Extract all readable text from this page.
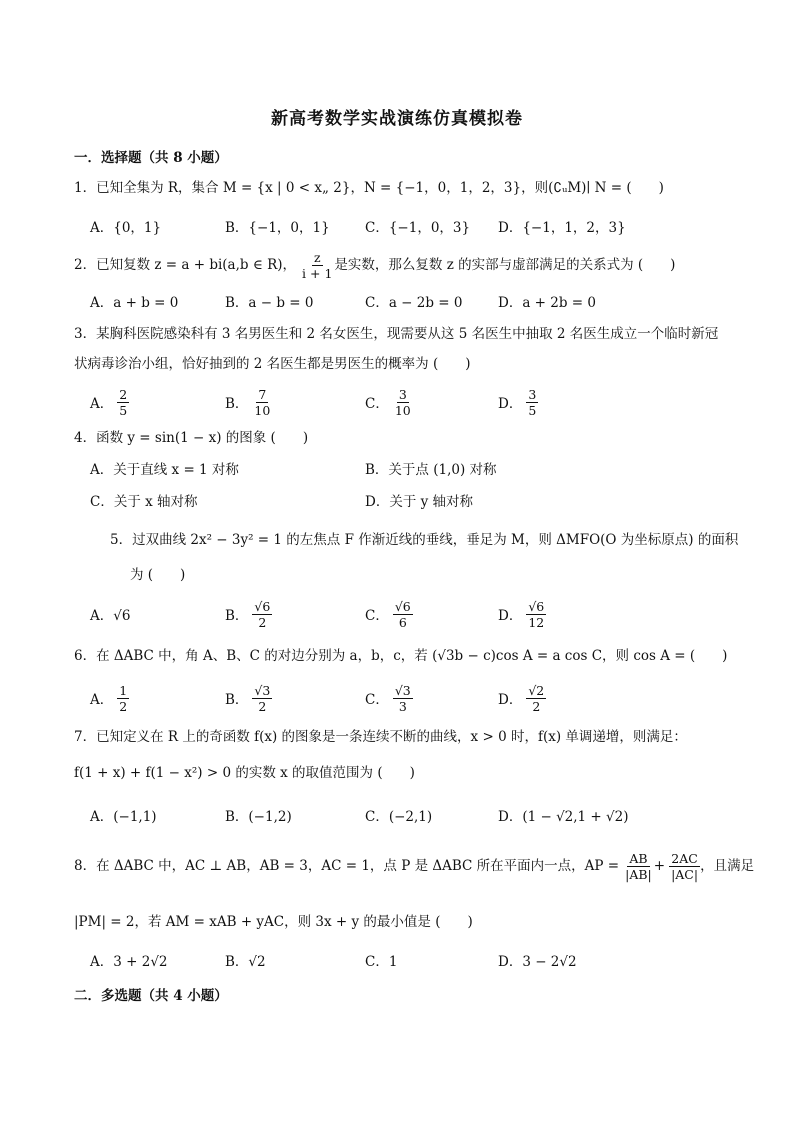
新高考数学实战演练仿真模拟卷
一．选择题（共 8 小题）
1．已知全集为 R，集合 M = {x | 0 < x„ 2}，N = {−1，0，1，2，3}，则(∁ᵤM)∣ N = (　　)
A．{0，1}	B．{−1，0，1}	C．{−1，0，3} D．{−1，1，2，3}
2．已知复数 z = a + bi(a,b ∈ R)， $\frac{z}{i + 1}$ 是实数，那么复数 z 的实部与虚部满足的关系式为 (　　)
A．a + b = 0	B．a − b = 0	C．a − 2b = 0	D．a + 2b = 0
3．某胸科医院感染科有 3 名男医生和 2 名女医生，现需要从这 5 名医生中抽取 2 名医生成立一个临时新冠
状病毒诊治小组，恰好抽到的 2 名医生都是男医生的概率为 (　　)
A． $\frac{2}{5}$	B． $\frac{7}{10}$	C． $\frac{3}{10}$	D． $\frac{3}{5}$
4．函数 y = sin(1 − x) 的图象 (　　)
A．关于直线 x = 1 对称	B．关于点 (1,0) 对称
C．关于 x 轴对称	D．关于 y 轴对称
5．过双曲线 2x² − 3y² = 1 的左焦点 F 作渐近线的垂线，垂足为 M，则 ΔMFO(O 为坐标原点) 的面积
为 (　　)
A．√6	B． $\frac{√6}{2}$	C． $\frac{√6}{6}$	D． $\frac{√6}{12}$
6．在 ΔABC 中，角 A、B、C 的对边分别为 a，b，c，若 (√3b − c)cos A = a cos C，则 cos A = (　　)
A． $\frac{1}{2}$	B． $\frac{√3}{2}$	C． $\frac{√3}{3}$	D． $\frac{√2}{2}$
7．已知定义在 R 上的奇函数 f(x) 的图象是一条连续不断的曲线，x > 0 时，f(x) 单调递增，则满足：
f(1 + x) + f(1 − x²) > 0 的实数 x 的取值范围为 (　　)
A．(−1,1)	B．(−1,2)	C．(−2,1)	D．(1 − √2,1 + √2)
8．在 ΔABC 中，AC ⊥ AB，AB = 3，AC = 1，点 P 是 ΔABC 所在平面内一点，AP = $\frac{AB}{|AB|} + \frac{2AC}{|AC|}$ ，且满足
|PM| = 2，若 AM = xAB + yAC，则 3x + y 的最小值是 (　　)
A．3 + 2√2	B．√2	C．1	D．3 − 2√2
二．多选题（共 4 小题）
